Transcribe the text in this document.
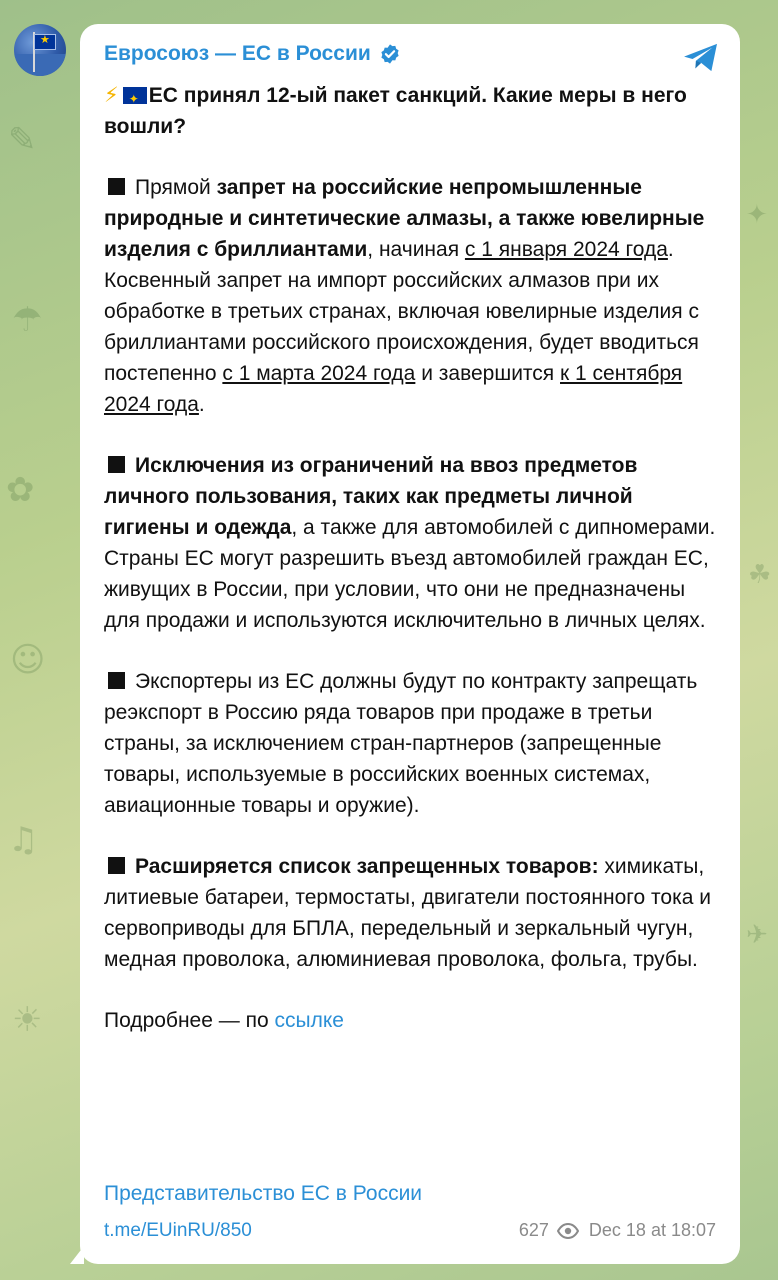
✎
☂
✿
☺
♫
☀
✦
☘
✈
★
Евросоюз — ЕС в России

⚡✦ ЕС принял 12-ый пакет санкций. Какие меры в него вошли?

Прямой запрет на российские непромышленные природные и синтетические алмазы, а также ювелирные изделия с бриллиантами, начиная с 1 января 2024 года. Косвенный запрет на импорт российских алмазов при их обработке в третьих странах, включая ювелирные изделия с бриллиантами российского происхождения, будет вводиться постепенно с 1 марта 2024 года и завершится к 1 сентября 2024 года.

Исключения из ограничений на ввоз предметов личного пользования, таких как предметы личной гигиены и одежда, а также для автомобилей с дипномерами. Страны ЕС могут разрешить въезд автомобилей граждан ЕС, живущих в России, при условии, что они не предназначены для продажи и используются исключительно в личных целях.

Экспортеры из ЕС должны будут по контракту запрещать реэкспорт в Россию ряда товаров при продаже в третьи страны, за исключением стран-партнеров (запрещенные товары, используемые в российских военных системах, авиационные товары и оружие).

Расширяется список запрещенных товаров: химикаты, литиевые батареи, термостаты, двигатели постоянного тока и сервоприводы для БПЛА, передельный и зеркальный чугун, медная проволока, алюминиевая проволока, фольга, трубы.

Подробнее — по ссылке

Представительство ЕС в России
t.me/EUinRU/850	627 Dec 18 at 18:07
